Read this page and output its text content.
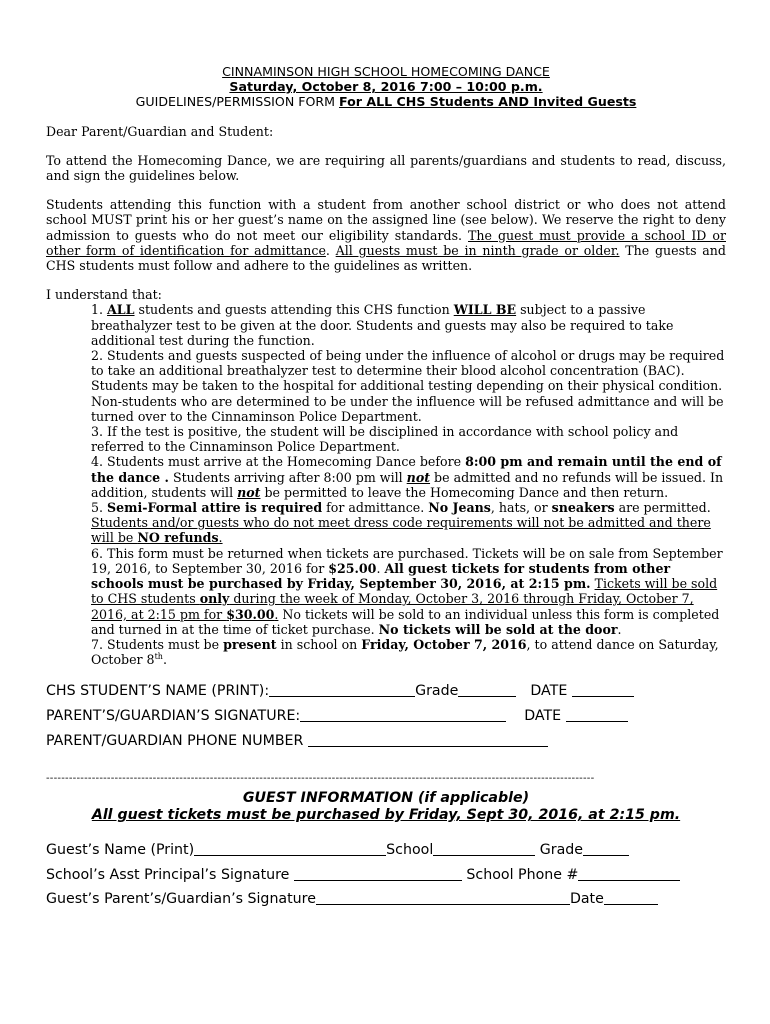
CINNAMINSON HIGH SCHOOL HOMECOMING DANCE

Saturday, October 8, 2016 7:00 – 10:00 p.m.

GUIDELINES/PERMISSION FORM For ALL CHS Students AND Invited Guests

Dear Parent/Guardian and Student:

To attend the Homecoming Dance, we are requiring all parents/guardians and students to read, discuss, and sign the guidelines below.

Students attending this function with a student from another school district or who does not attend school MUST print his or her guest’s name on the assigned line (see below). We reserve the right to deny admission to guests who do not meet our eligibility standards. The guest must provide a school ID or other form of identification for admittance. All guests must be in ninth grade or older. The guests and CHS students must follow and adhere to the guidelines as written.

I understand that:

1. ALL students and guests attending this CHS function WILL BE subject to a passive breathalyzer test to be given at the door. Students and guests may also be required to take additional test during the function.

2. Students and guests suspected of being under the influence of alcohol or drugs may be required to take an additional breathalyzer test to determine their blood alcohol concentration (BAC). Students may be taken to the hospital for additional testing depending on their physical condition. Non-students who are determined to be under the influence will be refused admittance and will be turned over to the Cinnaminson Police Department.

3. If the test is positive, the student will be disciplined in accordance with school policy and referred to the Cinnaminson Police Department.

4. Students must arrive at the Homecoming Dance before 8:00 pm and remain until the end of the dance . Students arriving after 8:00 pm will not be admitted and no refunds will be issued. In addition, students will not be permitted to leave the Homecoming Dance and then return.

5. Semi-Formal attire is required for admittance. No Jeans, hats, or sneakers are permitted. Students and/or guests who do not meet dress code requirements will not be admitted and there will be NO refunds.

6. This form must be returned when tickets are purchased. Tickets will be on sale from September 19, 2016, to September 30, 2016 for $25.00. All guest tickets for students from other schools must be purchased by Friday, September 30, 2016, at 2:15 pm. Tickets will be sold to CHS students only during the week of Monday, October 3, 2016 through Friday, October 7, 2016, at 2:15 pm for $30.00. No tickets will be sold to an individual unless this form is completed and turned in at the time of ticket purchase. No tickets will be sold at the door.

7. Students must be present in school on Friday, October 7, 2016, to attend dance on Saturday, October 8th.

CHS STUDENT’S NAME (PRINT):	Grade	DATE
PARENT’S/GUARDIAN’S SIGNATURE:	DATE
PARENT/GUARDIAN PHONE NUMBER
------------------------------------------------------------------------------------------------------------------------------------------------

GUEST INFORMATION (if applicable)

All guest tickets must be purchased by Friday, Sept 30, 2016, at 2:15 pm.

Guest’s Name (Print)	School	Grade
School’s Asst Principal’s Signature	School Phone #
Guest’s Parent’s/Guardian’s Signature	Date
